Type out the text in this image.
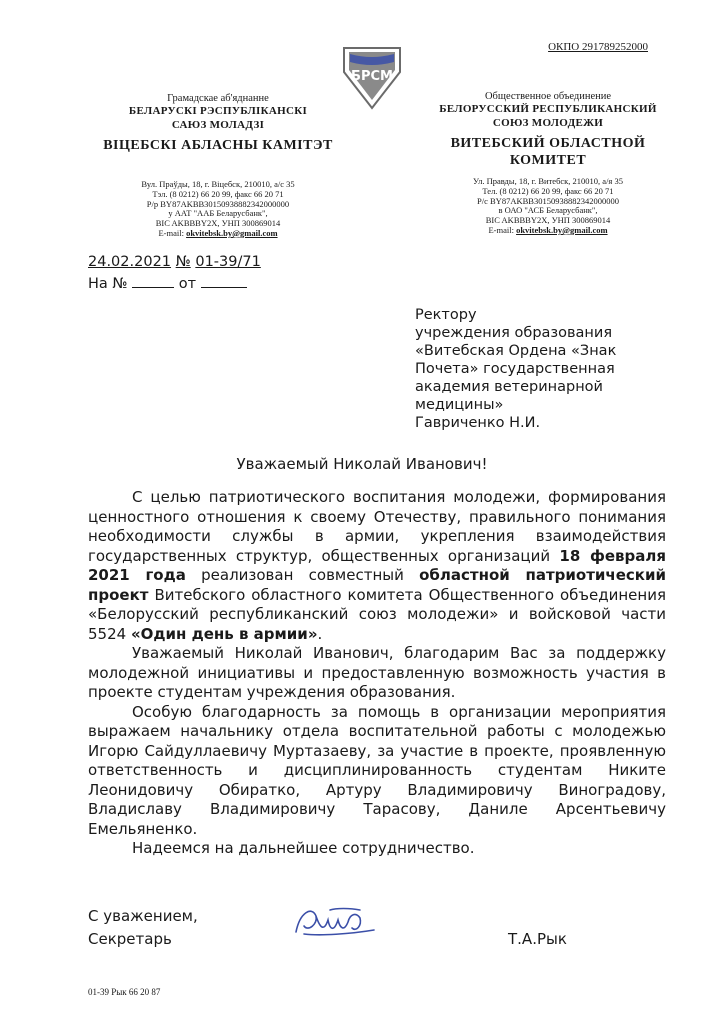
ОКПО 291789252000
БРСМ
Грамадскае аб'яднанне
БЕЛАРУСКІ РЭСПУБЛІКАНСКІ
САЮЗ МОЛАДЗІ
ВІЦЕБСКІ АБЛАСНЫ КАМІТЭТ
Вул. Праўды, 18, г. Віцебск, 210010, а/с 35
Тэл. (8 0212) 66 20 99, факс 66 20 71
Р/р BY87AKBB30150938882342000000
у ААТ "ААБ Беларусбанк",
BIC AKBBBY2X, УНП 300869014
E-mail: okvitebsk.by@gmail.com
Общественное объединение
БЕЛОРУССКИЙ РЕСПУБЛИКАНСКИЙ
СОЮЗ МОЛОДЕЖИ
ВИТЕБСКИЙ ОБЛАСТНОЙ КОМИТЕТ
Ул. Правды, 18, г. Витебск, 210010, а/я 35
Тел. (8 0212) 66 20 99, факс 66 20 71
Р/с BY87AKBB30150938882342000000
в ОАО "АСБ Беларусбанк",
BIC AKBBBY2X, УНП 300869014
E-mail: okvitebsk.by@gmail.com
24.02.2021 № 01-39/71
На №	от
Ректору
учреждения образования
«Витебская Ордена «Знак
Почета» государственная
академия ветеринарной
медицины»
Гавриченко Н.И.
Уважаемый Николай Иванович!

С целью патриотического воспитания молодежи, формирования ценностного отношения к своему Отечеству, правильного понимания необходимости службы в армии, укрепления взаимодействия государственных структур, общественных организаций 18 февраля 2021 года реализован совместный областной патриотический проект Витебского областного комитета Общественного объединения «Белорусский республиканский союз молодежи» и войсковой части 5524 «Один день в армии».

Уважаемый Николай Иванович, благодарим Вас за поддержку молодежной инициативы и предоставленную возможность участия в проекте студентам учреждения образования.

Особую благодарность за помощь в организации мероприятия выражаем начальнику отдела воспитательной работы с молодежью Игорю Сайдуллаевичу Муртазаеву, за участие в проекте, проявленную ответственность и дисциплинированность студентам Никите Леонидовичу Обиратко, Артуру Владимировичу Виноградову, Владиславу Владимировичу Тарасову, Даниле Арсентьевичу Емельяненко.

Надеемся на дальнейшее сотрудничество.

С уважением,
Секретарь	Т.А.Рык
01-39 Рык 66 20 87
